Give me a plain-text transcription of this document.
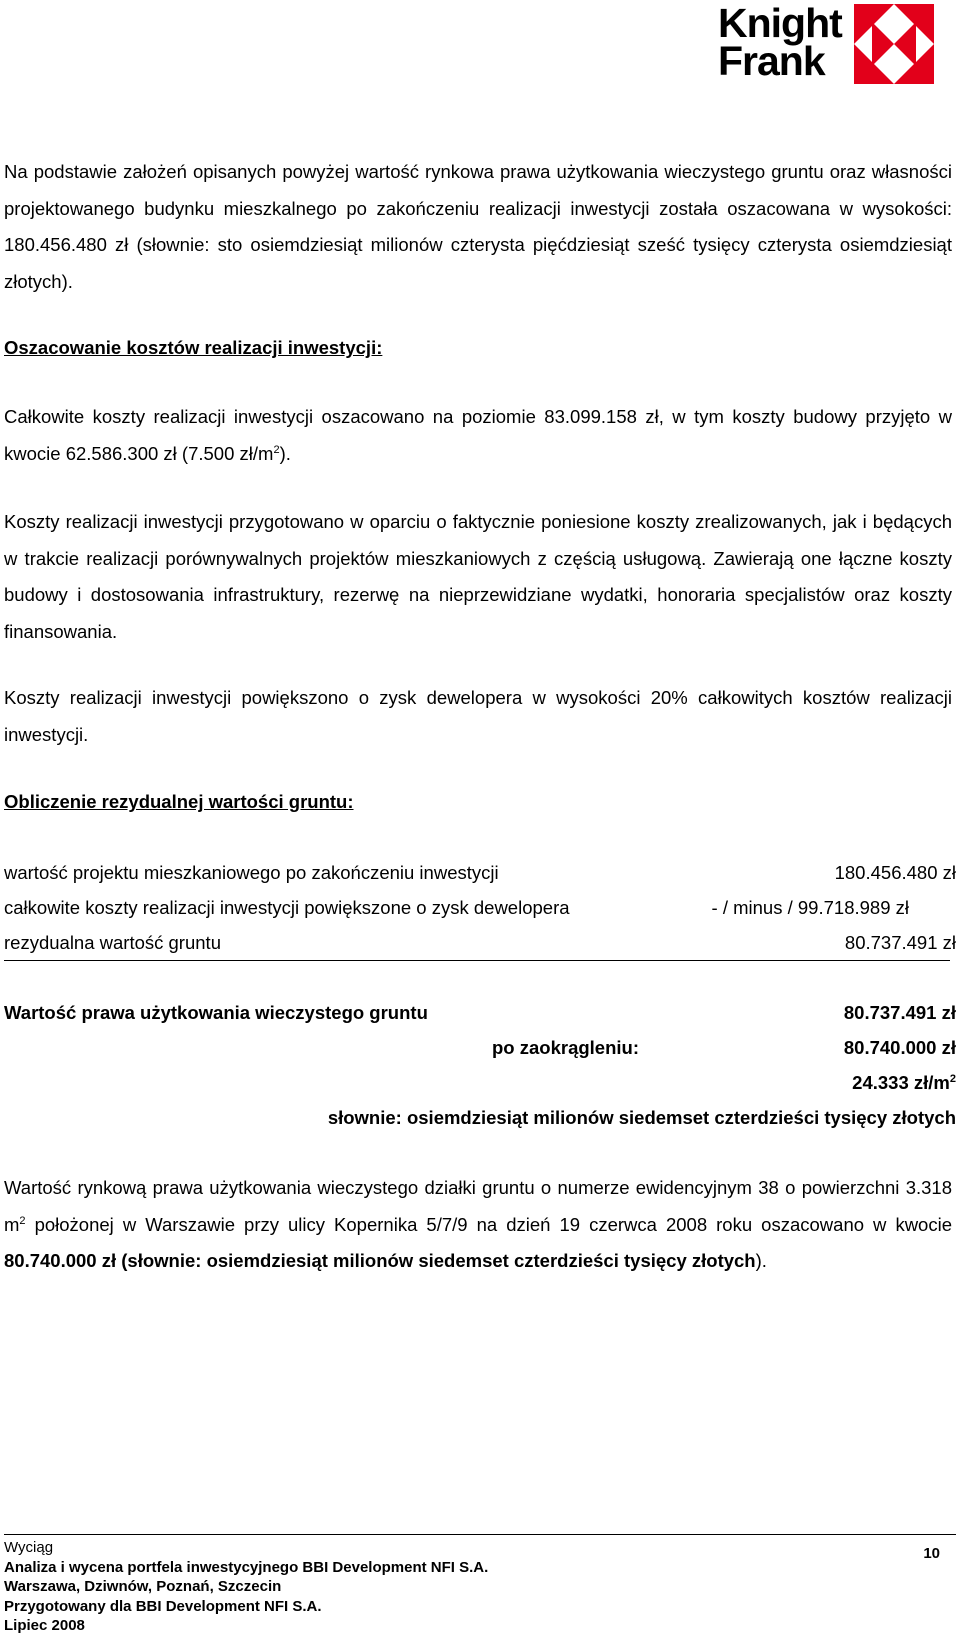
Knight
Frank
Na podstawie założeń opisanych powyżej wartość rynkowa prawa użytkowania wieczystego gruntu oraz własności projektowanego budynku mieszkalnego po zakończeniu realizacji inwestycji została oszacowana w wysokości: 180.456.480 zł (słownie: sto osiemdziesiąt milionów czterysta pięćdziesiąt sześć tysięcy czterysta osiemdziesiąt złotych).
Oszacowanie kosztów realizacji inwestycji:
Całkowite koszty realizacji inwestycji oszacowano na poziomie 83.099.158 zł, w tym koszty budowy przyjęto w kwocie 62.586.300 zł (7.500 $zł/m^2$).
Koszty realizacji inwestycji przygotowano w oparciu o faktycznie poniesione koszty zrealizowanych, jak i będących w trakcie realizacji porównywalnych projektów mieszkaniowych z częścią usługową. Zawierają one łączne koszty budowy i dostosowania infrastruktury, rezerwę na nieprzewidziane wydatki, honoraria specjalistów oraz koszty finansowania.
Koszty realizacji inwestycji powiększono o zysk dewelopera w wysokości 20% całkowitych kosztów realizacji inwestycji.
Obliczenie rezydualnej wartości gruntu:
wartość projektu mieszkaniowego po zakończeniu inwestycji	180.456.480 zł
całkowite koszty realizacji inwestycji powiększone o zysk dewelopera	- / minus / 99.718.989 zł
rezydualna wartość gruntu	80.737.491 zł
Wartość prawa użytkowania wieczystego gruntu	80.737.491 zł
po zaokrągleniu:	80.740.000 zł
24.333 $zł/m^2$
słownie: osiemdziesiąt milionów siedemset czterdzieści tysięcy złotych
Wartość rynkową prawa użytkowania wieczystego działki gruntu o numerze ewidencyjnym 38 o powierzchni 3.318 $m^2$ położonej w Warszawie przy ulicy Kopernika 5/7/9 na dzień 19 czerwca 2008 roku oszacowano w kwocie 80.740.000 zł (słownie: osiemdziesiąt milionów siedemset czterdzieści tysięcy złotych).
Wyciąg
Analiza i wycena portfela inwestycyjnego BBI Development NFI S.A.
Warszawa, Dziwnów, Poznań, Szczecin
Przygotowany dla BBI Development NFI S.A.
Lipiec 2008
10
